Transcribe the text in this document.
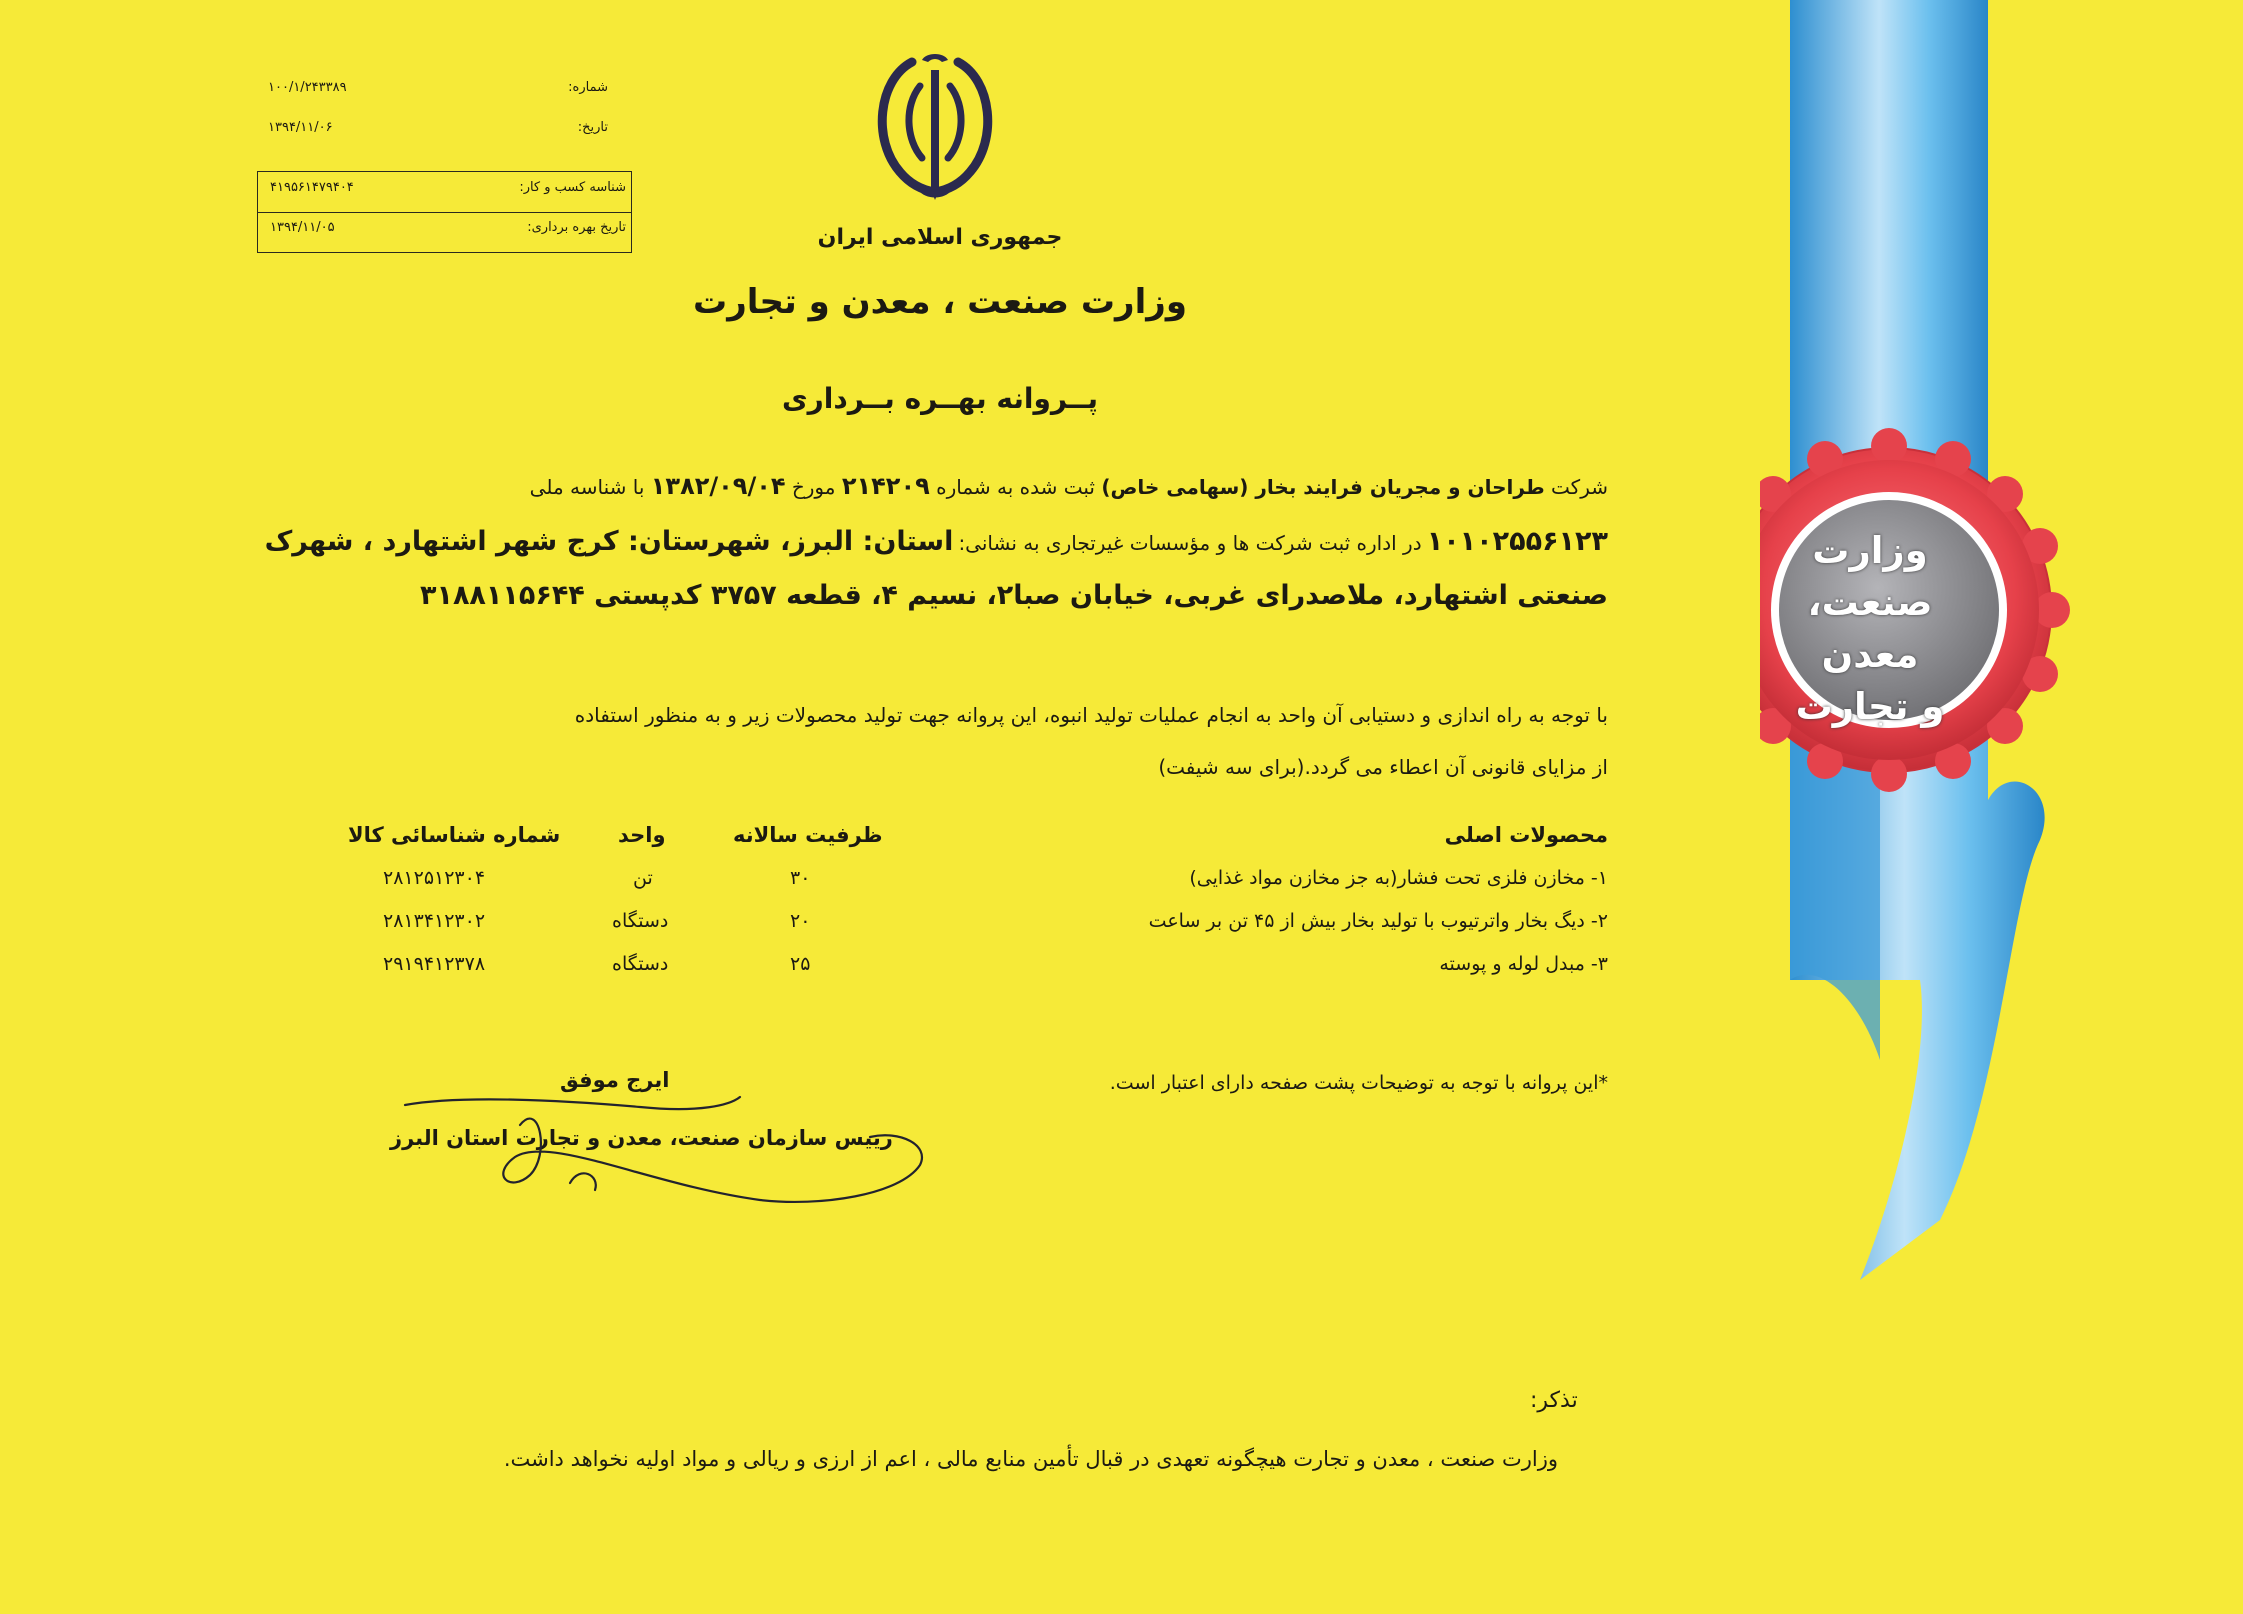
شماره:
۱۰۰/۱/۲۴۳۳۸۹
تاریخ:
۱۳۹۴/۱۱/۰۶
شناسه کسب و کار:
۴۱۹۵۶۱۴۷۹۴۰۴
تاریخ بهره برداری:
۱۳۹۴/۱۱/۰۵	جمهوری اسلامی ایران
وزارت صنعت ، معدن و تجارت
پــروانه بهــره بــرداری
شرکت طراحان و مجریان فرایند بخار (سهامی خاص) ثبت شده به شماره ۲۱۴۲۰۹ مورخ ۱۳۸۲/۰۹/۰۴ با شناسه ملی
۱۰۱۰۲۵۵۶۱۲۳ در اداره ثبت شرکت ها و مؤسسات غیرتجاری به نشانی: استان: البرز، شهرستان: کرج شهر اشتهارد ، شهرک
صنعتی اشتهارد، ملاصدرای غربی، خیابان صبا۲، نسیم ۴، قطعه ۳۷۵۷ کدپستی ۳۱۸۸۱۱۵۶۴۴
با توجه به راه اندازی و دستیابی آن واحد به انجام عملیات تولید انبوه، این پروانه جهت تولید محصولات زیر و به منظور استفاده
از مزایای قانونی آن اعطاء می گردد.(برای سه شیفت)
محصولات اصلی
ظرفیت سالانه
واحد
شماره شناسائی کالا
۱- مخازن فلزی تحت فشار(به جز مخازن مواد غذایی)
۳۰
تن
۲۸۱۲۵۱۲۳۰۴
۲- دیگ بخار واترتیوب با تولید بخار بیش از ۴۵ تن بر ساعت
۲۰
دستگاه
۲۸۱۳۴۱۲۳۰۲
۳- مبدل لوله و پوسته
۲۵
دستگاه
۲۹۱۹۴۱۲۳۷۸
*این پروانه با توجه به توضیحات پشت صفحه دارای اعتبار است.
ایرج موفق
رییس سازمان صنعت، معدن و تجارت استان البرز
تذکر:
وزارت صنعت ، معدن و تجارت هیچگونه تعهدی در قبال تأمین منابع مالی ، اعم از ارزی و ریالی و مواد اولیه نخواهد داشت.
وزارت
صنعت، معدن
و تجارت
